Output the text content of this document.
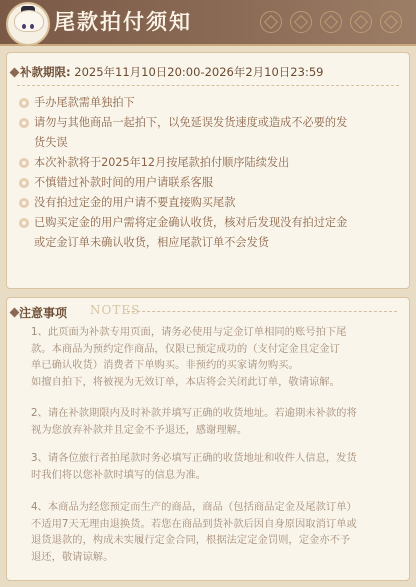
尾款拍付须知
补款期限: 2025年11月10日20:00-2026年2月10日23:59
手办尾款需单独拍下
请勿与其他商品一起拍下，以免延误发货速度或造成不必要的发
货失误
本次补款将于2025年12月按尾款拍付顺序陆续发出
不慎错过补款时间的用户请联系客服
没有拍过定金的用户请不要直接购买尾款
已购买定金的用户需将定金确认收货，核对后发现没有拍过定金
或定金订单未确认收货，相应尾款订单不会发货
注意事项 NOTES
1、此页面为补款专用页面，请务必使用与定金订单相同的账号拍下尾
款。本商品为预约定作商品，仅限已预定成功的（支付定金且定金订
单已确认收货）消费者下单购买。非预约的买家请勿购买。
如擅自拍下，将被视为无效订单，本店将会关闭此订单，敬请谅解。
2、请在补款期限内及时补款并填写正确的收货地址。若逾期未补款的将
视为您放弃补款并且定金不予退还，感谢理解。
3、请各位旅行者拍尾款时务必填写正确的收货地址和收件人信息，发货
时我们将以您补款时填写的信息为准。
4、本商品为经您预定而生产的商品，商品（包括商品定金及尾款订单）
不适用7天无理由退换货。若您在商品到货补款后因自身原因取消订单或
退货退款的，构成未实履行定金合同，根据法定定金罚则，定金亦不予
退还，敬请谅解。
